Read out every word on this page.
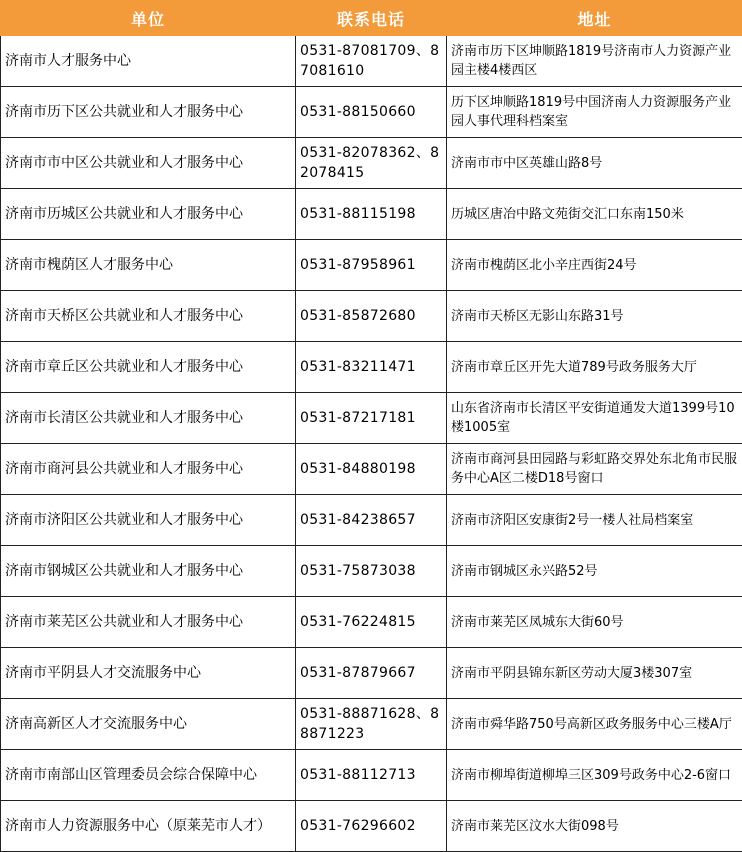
单位	联系电话	地址
济南市人才服务中心	0531-87081709、87081610	济南市历下区坤顺路1819号济南市人力资源产业园主楼4楼西区
济南市历下区公共就业和人才服务中心	0531-88150660	历下区坤顺路1819号中国济南人力资源服务产业园人事代理科档案室
济南市市中区公共就业和人才服务中心	0531-82078362、82078415	济南市市中区英雄山路8号
济南市历城区公共就业和人才服务中心	0531-88115198	历城区唐冶中路文苑街交汇口东南150米
济南市槐荫区人才服务中心	0531-87958961	济南市槐荫区北小辛庄西街24号
济南市天桥区公共就业和人才服务中心	0531-85872680	济南市天桥区无影山东路31号
济南市章丘区公共就业和人才服务中心	0531-83211471	济南市章丘区开先大道789号政务服务大厅
济南市长清区公共就业和人才服务中心	0531-87217181	山东省济南市长清区平安街道通发大道1399号10楼1005室
济南市商河县公共就业和人才服务中心	0531-84880198	济南市商河县田园路与彩虹路交界处东北角市民服务中心A区二楼D18号窗口
济南市济阳区公共就业和人才服务中心	0531-84238657	济南市济阳区安康街2号一楼人社局档案室
济南市钢城区公共就业和人才服务中心	0531-75873038	济南市钢城区永兴路52号
济南市莱芜区公共就业和人才服务中心	0531-76224815	济南市莱芜区凤城东大街60号
济南市平阴县人才交流服务中心	0531-87879667	济南市平阴县锦东新区劳动大厦3楼307室
济南高新区人才交流服务中心	0531-88871628、88871223	济南市舜华路750号高新区政务服务中心三楼A厅
济南市南部山区管理委员会综合保障中心	0531-88112713	济南市柳埠街道柳埠三区309号政务中心2-6窗口
济南市人力资源服务中心（原莱芜市人才）	0531-76296602	济南市莱芜区汶水大街098号
